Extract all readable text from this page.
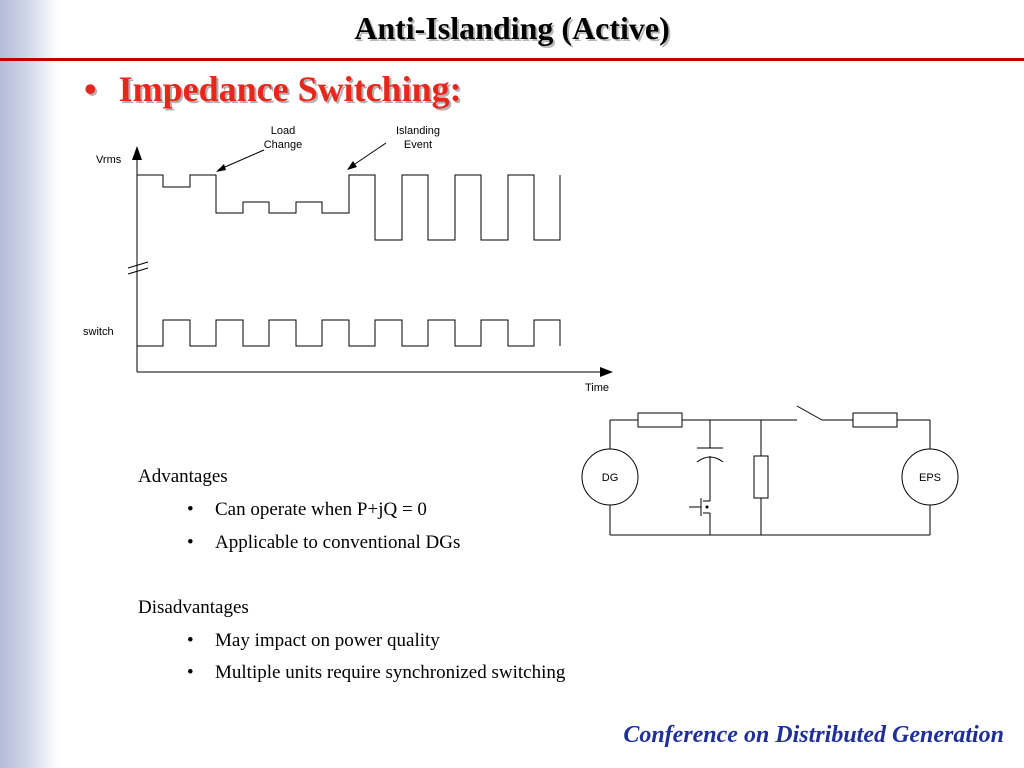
Anti-Islanding (Active)
• Impedance Switching:
Vrms
switch
Time
Load
Change
Islanding
Event
DG	EPS
Advantages
• Can operate when P+jQ = 0
• Applicable to conventional DGs
Disadvantages
• May impact on power quality
• Multiple units require synchronized switching
Conference on Distributed Generation
